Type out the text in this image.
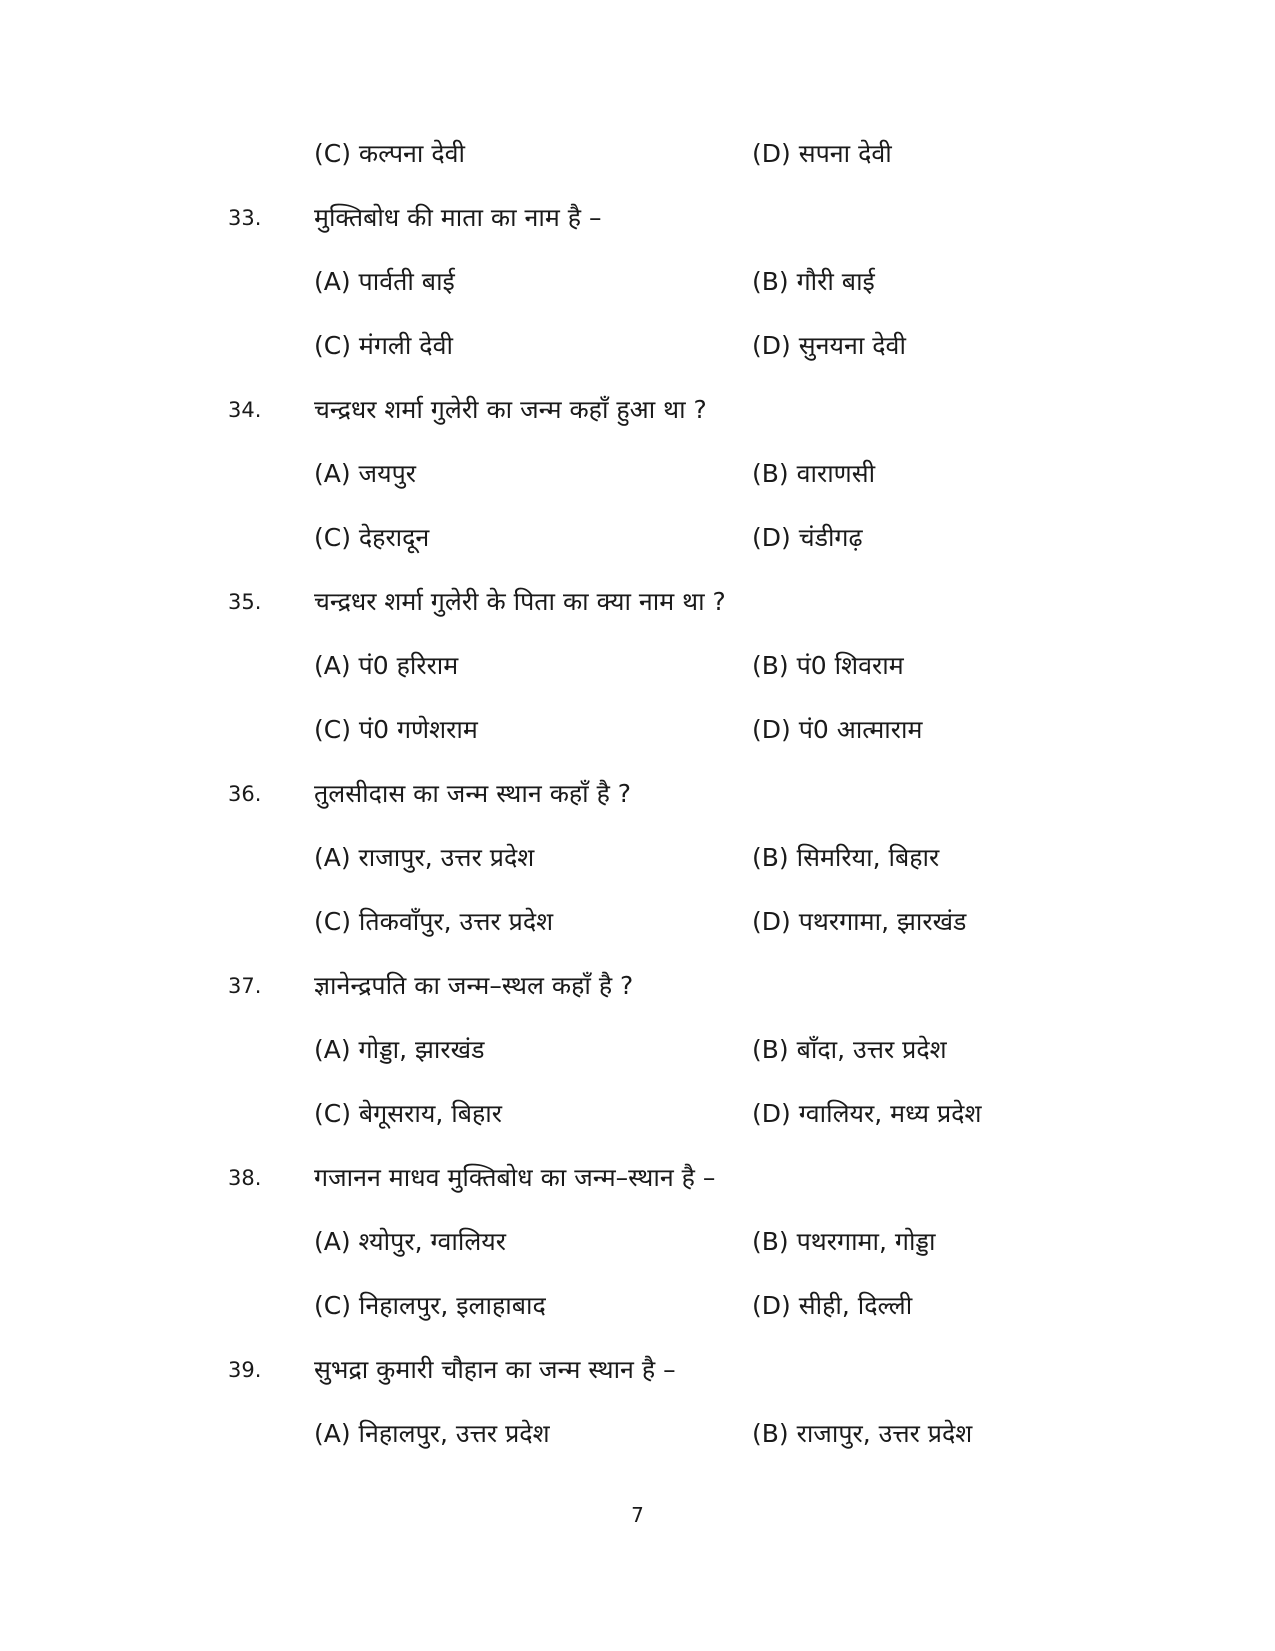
(C) कल्पना देवी	(D) सपना देवी
33.	मुक्तिबोध की माता का नाम है –
(A) पार्वती बाई	(B) गौरी बाई
(C) मंगली देवी	(D) सुनयना देवी
34.	चन्द्रधर शर्मा गुलेरी का जन्म कहाँ हुआ था ?
(A) जयपुर	(B) वाराणसी
(C) देहरादून	(D) चंडीगढ़
35.	चन्द्रधर शर्मा गुलेरी के पिता का क्या नाम था ?
(A) पं0 हरिराम	(B) पं0 शिवराम
(C) पं0 गणेशराम	(D) पं0 आत्माराम
36.	तुलसीदास का जन्म स्थान कहाँ है ?
(A) राजापुर, उत्तर प्रदेश	(B) सिमरिया, बिहार
(C) तिकवाँपुर, उत्तर प्रदेश	(D) पथरगामा, झारखंड
37.	ज्ञानेन्द्रपति का जन्म–स्थल कहाँ है ?
(A) गोड्डा, झारखंड	(B) बाँदा, उत्तर प्रदेश
(C) बेगूसराय, बिहार	(D) ग्वालियर, मध्य प्रदेश
38.	गजानन माधव मुक्तिबोध का जन्म–स्थान है –
(A) श्योपुर, ग्वालियर	(B) पथरगामा, गोड्डा
(C) निहालपुर, इलाहाबाद	(D) सीही, दिल्ली
39.	सुभद्रा कुमारी चौहान का जन्म स्थान है –
(A) निहालपुर, उत्तर प्रदेश	(B) राजापुर, उत्तर प्रदेश
7
